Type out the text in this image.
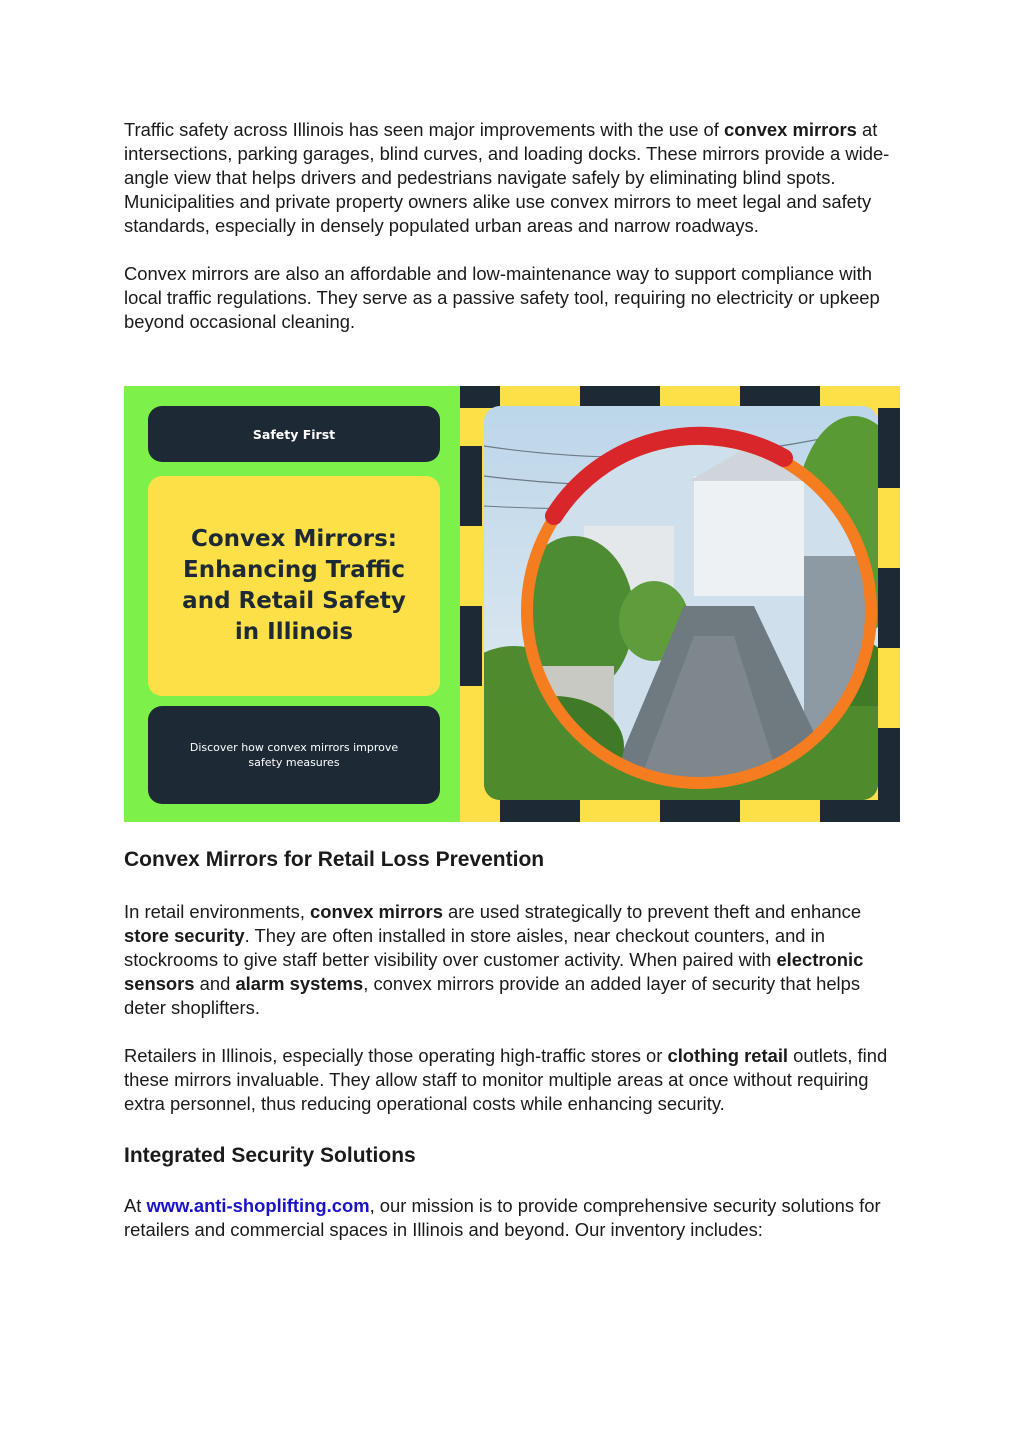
Traffic safety across Illinois has seen major improvements with the use of convex mirrors at intersections, parking garages, blind curves, and loading docks. These mirrors provide a wide-angle view that helps drivers and pedestrians navigate safely by eliminating blind spots. Municipalities and private property owners alike use convex mirrors to meet legal and safety standards, especially in densely populated urban areas and narrow roadways.

Convex mirrors are also an affordable and low-maintenance way to support compliance with local traffic regulations. They serve as a passive safety tool, requiring no electricity or upkeep beyond occasional cleaning.

Safety First
Convex Mirrors: Enhancing Traffic and Retail Safety in Illinois
Discover how convex mirrors improve safety measures
Convex Mirrors for Retail Loss Prevention

In retail environments, convex mirrors are used strategically to prevent theft and enhance store security. They are often installed in store aisles, near checkout counters, and in stockrooms to give staff better visibility over customer activity. When paired with electronic sensors and alarm systems, convex mirrors provide an added layer of security that helps deter shoplifters.

Retailers in Illinois, especially those operating high-traffic stores or clothing retail outlets, find these mirrors invaluable. They allow staff to monitor multiple areas at once without requiring extra personnel, thus reducing operational costs while enhancing security.

Integrated Security Solutions

At www.anti-shoplifting.com, our mission is to provide comprehensive security solutions for retailers and commercial spaces in Illinois and beyond. Our inventory includes:
